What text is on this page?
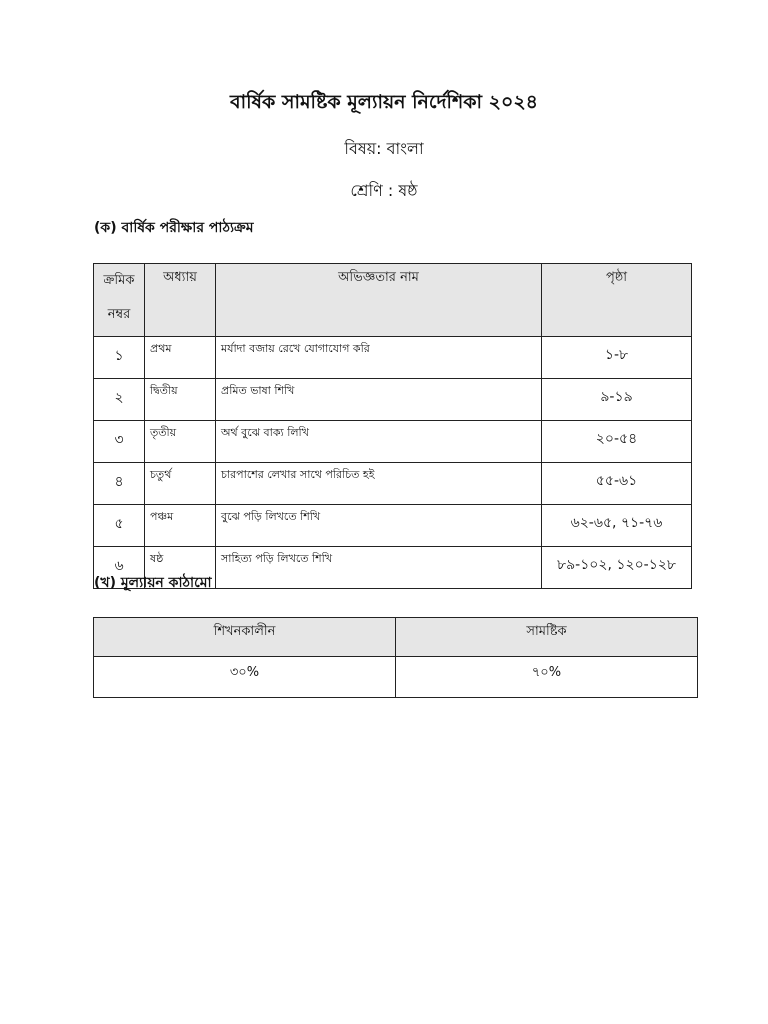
বার্ষিক সামষ্টিক মূল্যায়ন নির্দেশিকা ২০২৪
বিষয়: বাংলা
শ্রেণি : ষষ্ঠ
(ক) বার্ষিক পরীক্ষার পাঠ্যক্রম
ক্রমিক
নম্বর	অধ্যায়	অভিজ্ঞতার নাম	পৃষ্ঠা
১	প্রথম	মর্যাদা বজায় রেখে যোগাযোগ করি	১-৮
২	দ্বিতীয়	প্রমিত ভাষা শিখি	৯-১৯
৩	তৃতীয়	অর্থ বুঝে বাক্য লিখি	২০-৫৪
৪	চতুর্থ	চারপাশের লেখার সাথে পরিচিত হই	৫৫-৬১
৫	পঞ্চম	বুঝে পড়ি লিখতে শিখি	৬২-৬৫, ৭১-৭৬
৬	ষষ্ঠ	সাহিত্য পড়ি লিখতে শিখি	৮৯-১০২, ১২০-১২৮
(খ) মূল্যায়ন কাঠামো
শিখনকালীন	সামষ্টিক
৩০%	৭০%
